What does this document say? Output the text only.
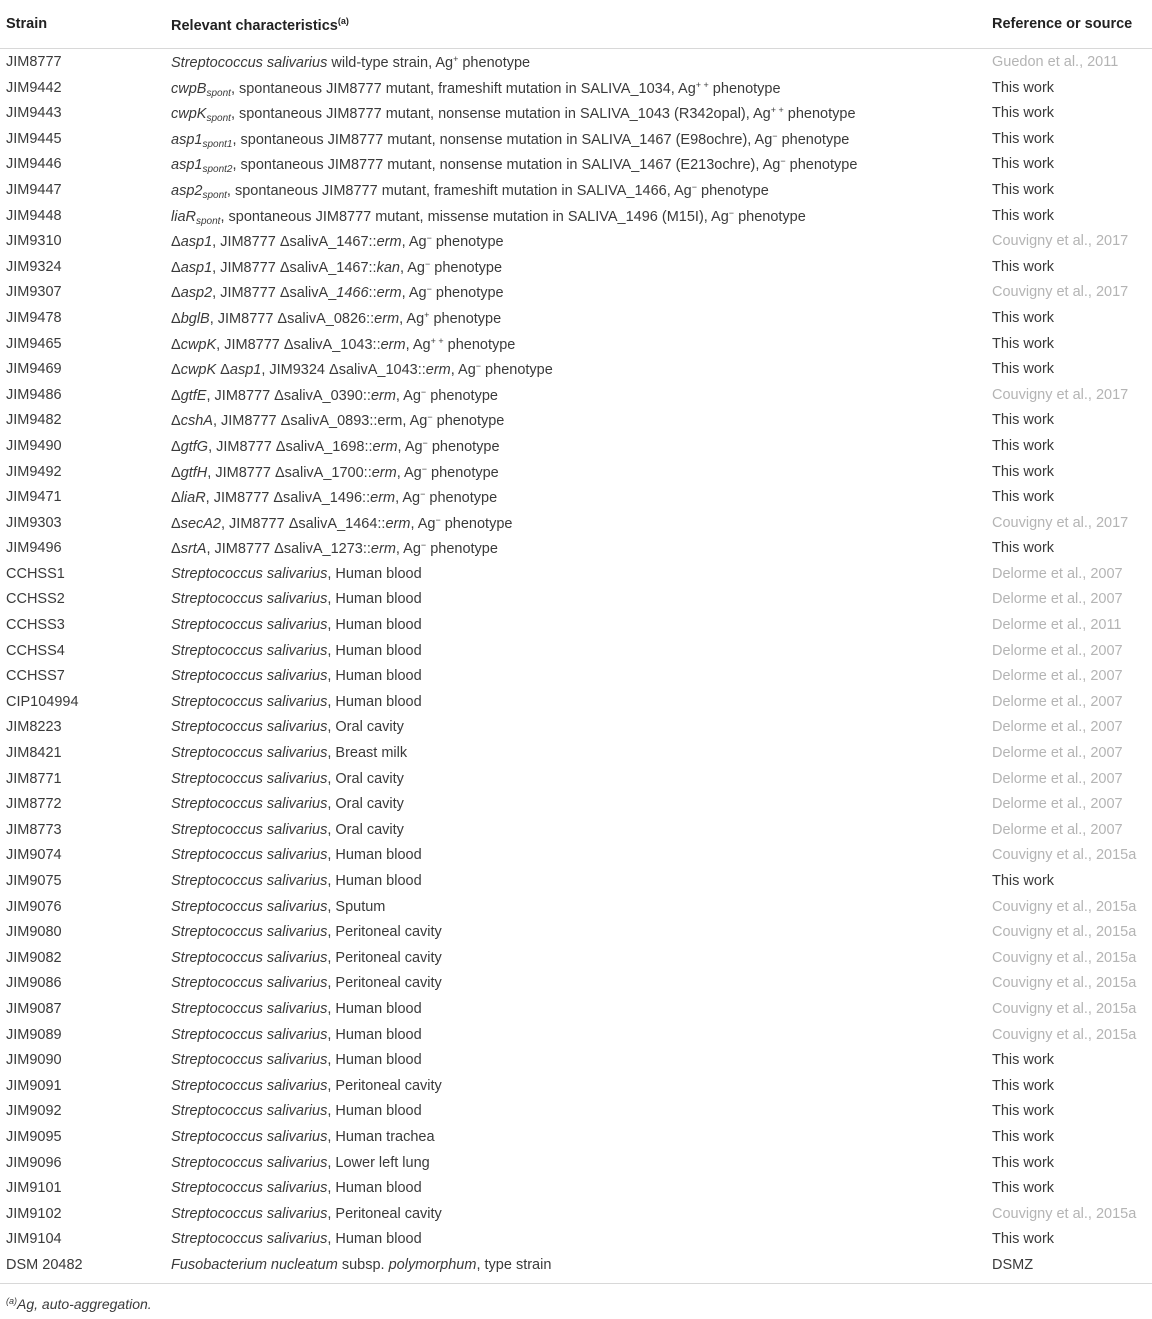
Strain	Relevant characteristics$^{(a)}$	Reference or source
JIM8777	Streptococcus salivarius wild-type strain, Ag+ phenotype	Guedon et al., 2011
JIM9442	cwpB$_{spont}$, spontaneous JIM8777 mutant, frameshift mutation in SALIVA_1034, Ag+ + phenotype	This work
JIM9443	cwpK$_{spont}$, spontaneous JIM8777 mutant, nonsense mutation in SALIVA_1043 (R342opal), Ag+ + phenotype	This work
JIM9445	$asp1_{spont1}$, spontaneous JIM8777 mutant, nonsense mutation in SALIVA_1467 (E98ochre), Ag− phenotype	This work
JIM9446	$asp1_{spont2}$, spontaneous JIM8777 mutant, nonsense mutation in SALIVA_1467 (E213ochre), Ag− phenotype	This work
JIM9447	$asp2_{spont}$, spontaneous JIM8777 mutant, frameshift mutation in SALIVA_1466, Ag− phenotype	This work
JIM9448	liaR$_{spont}$, spontaneous JIM8777 mutant, missense mutation in SALIVA_1496 (M15I), Ag− phenotype	This work
JIM9310	Δasp1, JIM8777 ΔsalivA_1467::erm, Ag− phenotype	Couvigny et al., 2017
JIM9324	Δasp1, JIM8777 ΔsalivA_1467::kan, Ag− phenotype	This work
JIM9307	Δasp2, JIM8777 ΔsalivA_1466::erm, Ag− phenotype	Couvigny et al., 2017
JIM9478	ΔbglB, JIM8777 ΔsalivA_0826::erm, Ag+ phenotype	This work
JIM9465	ΔcwpK, JIM8777 ΔsalivA_1043::erm, Ag+ + phenotype	This work
JIM9469	ΔcwpK Δasp1, JIM9324 ΔsalivA_1043::erm, Ag− phenotype	This work
JIM9486	ΔgtfE, JIM8777 ΔsalivA_0390::erm, Ag− phenotype	Couvigny et al., 2017
JIM9482	ΔcshA, JIM8777 ΔsalivA_0893::erm, Ag− phenotype	This work
JIM9490	ΔgtfG, JIM8777 ΔsalivA_1698::erm, Ag− phenotype	This work
JIM9492	ΔgtfH, JIM8777 ΔsalivA_1700::erm, Ag− phenotype	This work
JIM9471	ΔliaR, JIM8777 ΔsalivA_1496::erm, Ag− phenotype	This work
JIM9303	ΔsecA2, JIM8777 ΔsalivA_1464::erm, Ag− phenotype	Couvigny et al., 2017
JIM9496	ΔsrtA, JIM8777 ΔsalivA_1273::erm, Ag− phenotype	This work
CCHSS1	Streptococcus salivarius, Human blood	Delorme et al., 2007
CCHSS2	Streptococcus salivarius, Human blood	Delorme et al., 2007
CCHSS3	Streptococcus salivarius, Human blood	Delorme et al., 2011
CCHSS4	Streptococcus salivarius, Human blood	Delorme et al., 2007
CCHSS7	Streptococcus salivarius, Human blood	Delorme et al., 2007
CIP104994	Streptococcus salivarius, Human blood	Delorme et al., 2007
JIM8223	Streptococcus salivarius, Oral cavity	Delorme et al., 2007
JIM8421	Streptococcus salivarius, Breast milk	Delorme et al., 2007
JIM8771	Streptococcus salivarius, Oral cavity	Delorme et al., 2007
JIM8772	Streptococcus salivarius, Oral cavity	Delorme et al., 2007
JIM8773	Streptococcus salivarius, Oral cavity	Delorme et al., 2007
JIM9074	Streptococcus salivarius, Human blood	Couvigny et al., 2015a
JIM9075	Streptococcus salivarius, Human blood	This work
JIM9076	Streptococcus salivarius, Sputum	Couvigny et al., 2015a
JIM9080	Streptococcus salivarius, Peritoneal cavity	Couvigny et al., 2015a
JIM9082	Streptococcus salivarius, Peritoneal cavity	Couvigny et al., 2015a
JIM9086	Streptococcus salivarius, Peritoneal cavity	Couvigny et al., 2015a
JIM9087	Streptococcus salivarius, Human blood	Couvigny et al., 2015a
JIM9089	Streptococcus salivarius, Human blood	Couvigny et al., 2015a
JIM9090	Streptococcus salivarius, Human blood	This work
JIM9091	Streptococcus salivarius, Peritoneal cavity	This work
JIM9092	Streptococcus salivarius, Human blood	This work
JIM9095	Streptococcus salivarius, Human trachea	This work
JIM9096	Streptococcus salivarius, Lower left lung	This work
JIM9101	Streptococcus salivarius, Human blood	This work
JIM9102	Streptococcus salivarius, Peritoneal cavity	Couvigny et al., 2015a
JIM9104	Streptococcus salivarius, Human blood	This work
DSM 20482	Fusobacterium nucleatum subsp. polymorphum, type strain	DSMZ
$^{(a)}$Ag, auto-aggregation.
